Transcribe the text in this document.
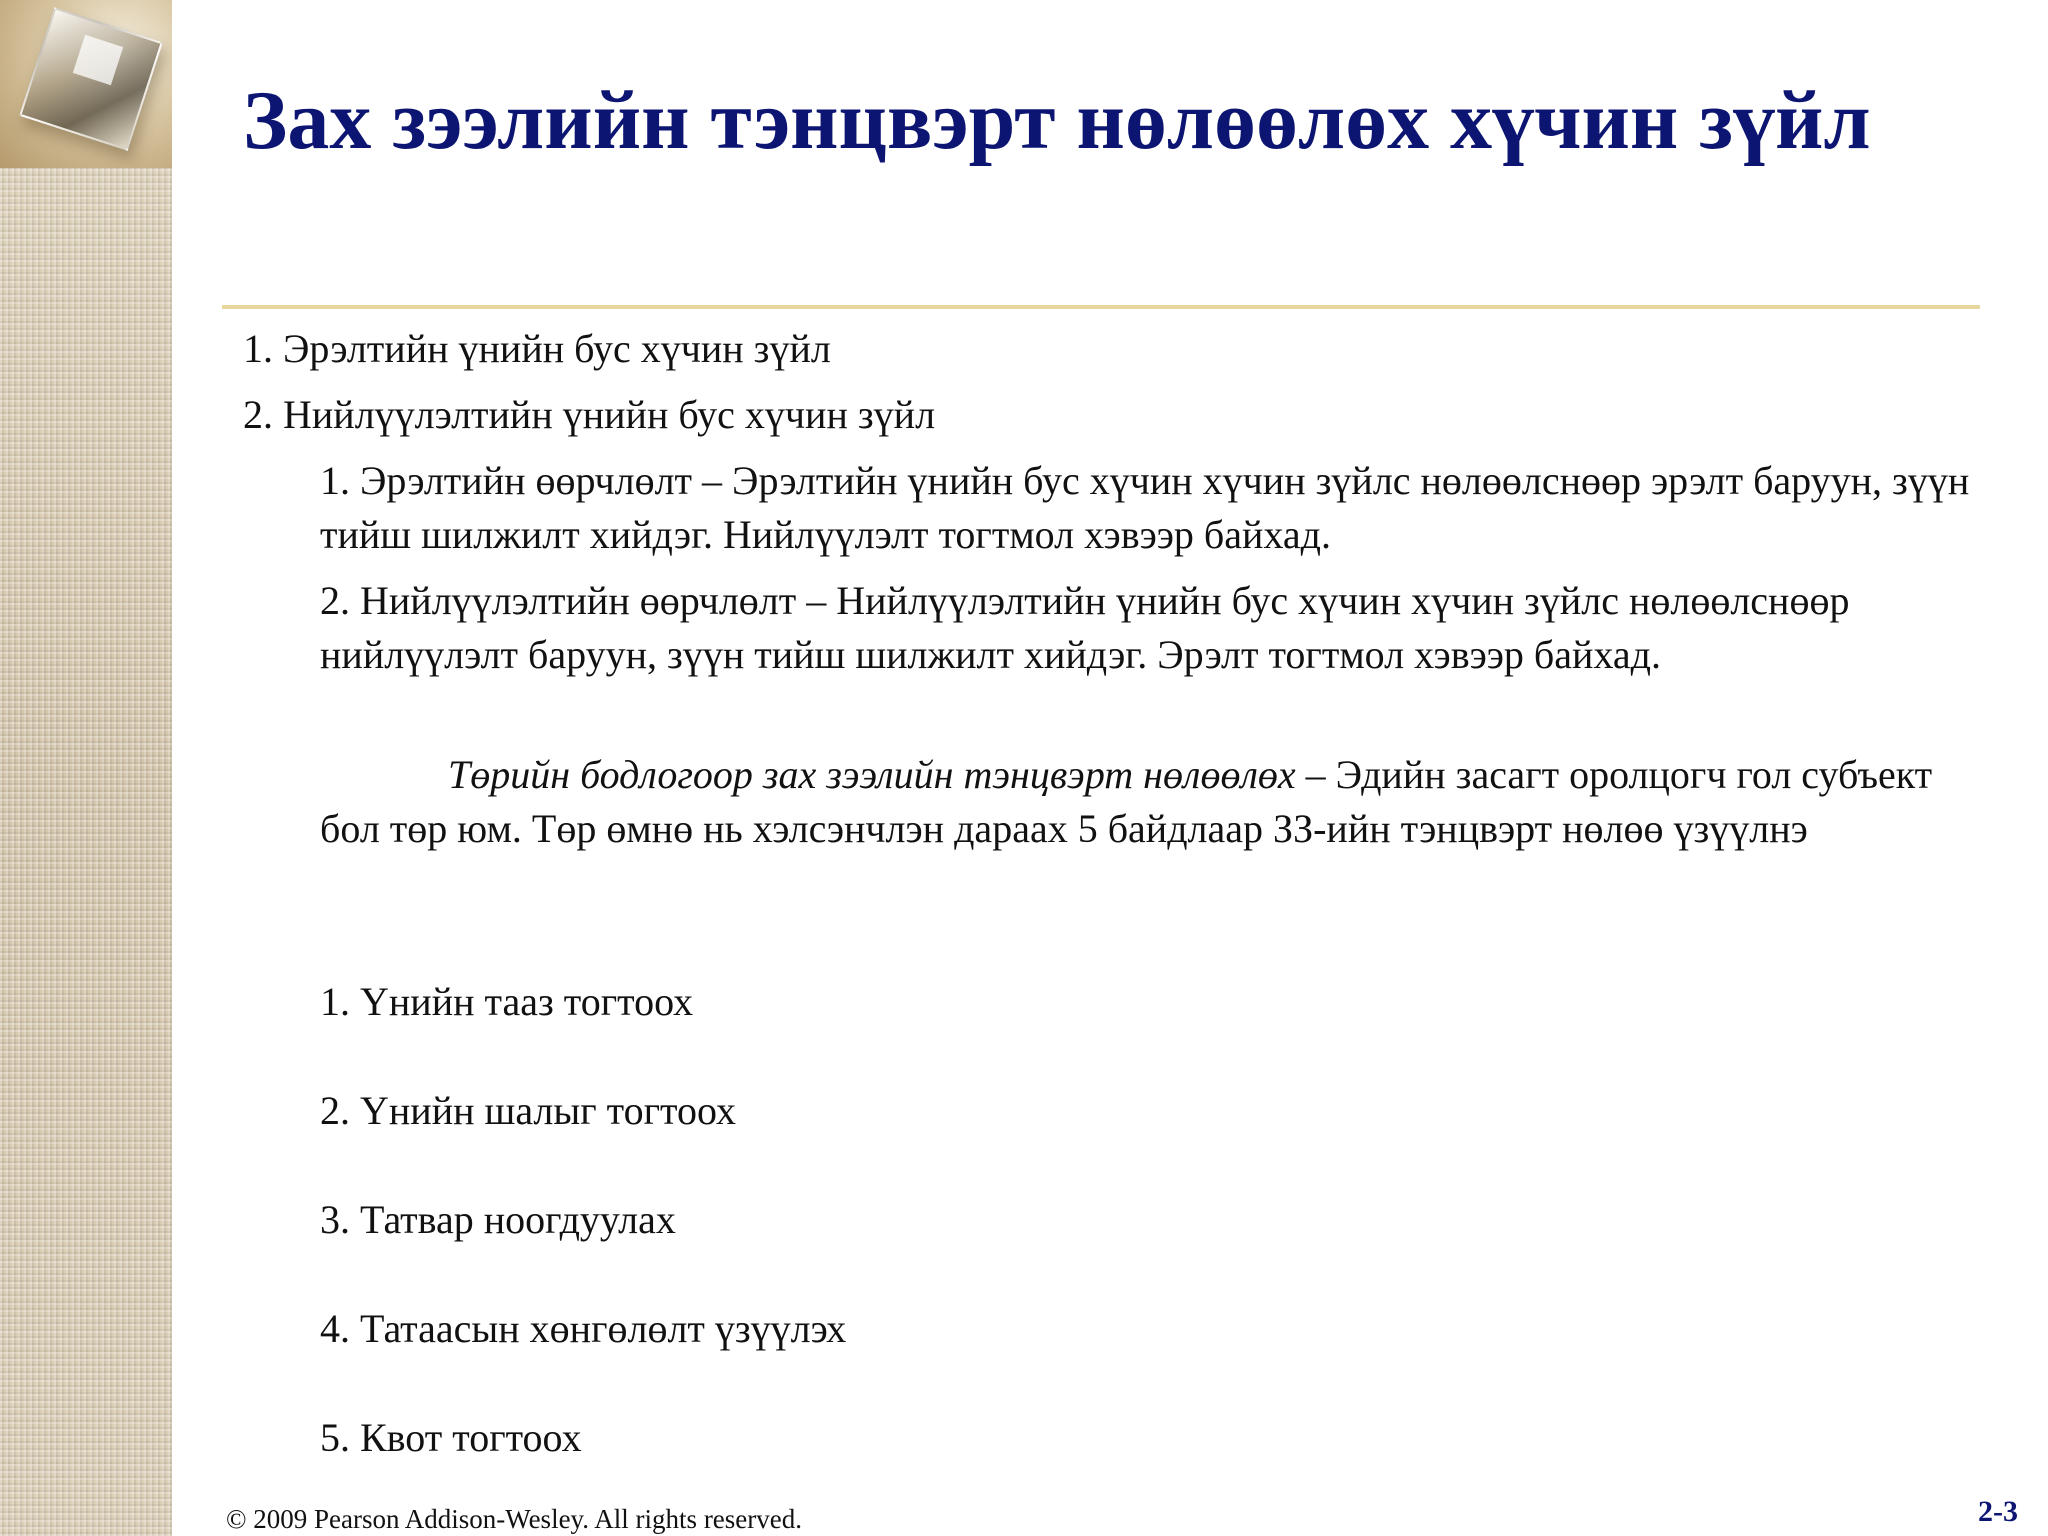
Зах зээлийн тэнцвэрт нөлөөлөх хүчин зүйл

1. Эрэлтийн үнийн бус хүчин зүйл

2. Нийлүүлэлтийн үнийн бус хүчин зүйл

1. Эрэлтийн өөрчлөлт – Эрэлтийн үнийн бус хүчин хүчин зүйлс нөлөөлснөөр эрэлт баруун, зүүн тийш шилжилт хийдэг. Нийлүүлэлт тогтмол хэвээр байхад.

2. Нийлүүлэлтийн өөрчлөлт – Нийлүүлэлтийн үнийн бус хүчин хүчин зүйлс нөлөөлснөөр нийлүүлэлт баруун, зүүн тийш шилжилт хийдэг. Эрэлт тогтмол хэвээр байхад.

Төрийн бодлогоор зах зээлийн тэнцвэрт нөлөөлөх – Эдийн засагт оролцогч гол субъект бол төр юм. Төр өмнө нь хэлсэнчлэн дараах 5 байдлаар ЗЗ-ийн тэнцвэрт нөлөө үзүүлнэ

1. Үнийн тааз тогтоох

2. Үнийн шалыг тогтоох

3. Татвар ноогдуулах

4. Татаасын хөнгөлөлт үзүүлэх

5. Квот тогтоох

© 2009 Pearson Addison-Wesley. All rights reserved.	2-3
